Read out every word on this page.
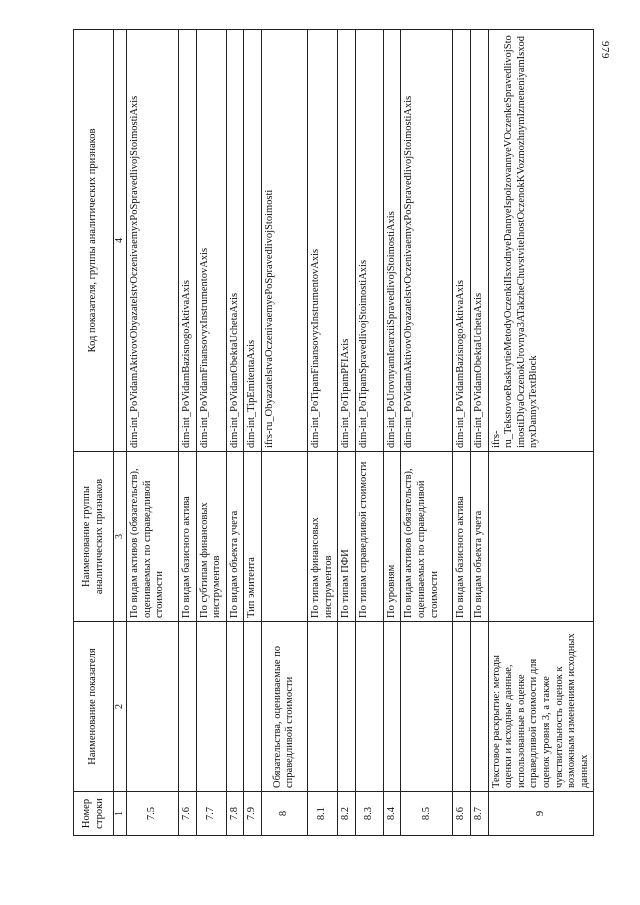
979
Номер строки	Наименование показателя	Наименование группы аналитических признаков	Код показателя, группы аналитических признаков
1	2	3	4
7.5		По видам активов (обязательств), оцениваемых по справедливой стоимости	dim-int_PoVidamAktivovObyazatelstvOczenivaemyxPoSpravedlivojStoimostiAxis
7.6		По видам базисного актива	dim-int_PoVidamBazisnogoAktivaAxis
7.7		По субтипам финансовых инструментов	dim-int_PoVidamFinansovyxInstrumentovAxis
7.8		По видам объекта учета	dim-int_PoVidamObektaUchetaAxis
7.9		Тип эмитента	dim-int_TipEmitentaAxis
8	Обязательства, оцениваемые по справедливой стоимости		ifrs-ru_ObyazatelstvaOczenivaemyePoSpravedlivojStoimosti
8.1		По типам финансовых инструментов	dim-int_PoTipamFinansovyxInstrumentovAxis
8.2		По типам ПФИ	dim-int_PoTipamPFIAxis
8.3		По типам справедливой стоимости	dim-int_PoTipamSpravedlivojStoimostiAxis
8.4		По уровням	dim-int_PoUrovnyamIerarxiiSpravedlivojStoimostiAxis
8.5		По видам активов (обязательств), оцениваемых по справедливой стоимости	dim-int_PoVidamAktivovObyazatelstvOczenivaemyxPoSpravedlivojStoimostiAxis
8.6		По видам базисного актива	dim-int_PoVidamBazisnogoAktivaAxis
8.7		По видам объекта учета	dim-int_PoVidamObektaUchetaAxis
9	Текстовое раскрытие: методы оценки и исходные данные, использованные в оценке справедливой стоимости для оценок уровня 3, а также чувствительность оценок к возможным изменениям исходных данных		ifrs-ru_TekstovoeRaskrytieMetodyOczenkiIIsxodnyeDannyeIspolzovannyeVOczenkeSpravedlivojStoimostiDlyaOczenokUrovnya3ATakzheChuvstvitelnostOczenokKVozmozhnymIzmeneniyamIsxodnyxDannyxTextBlock
